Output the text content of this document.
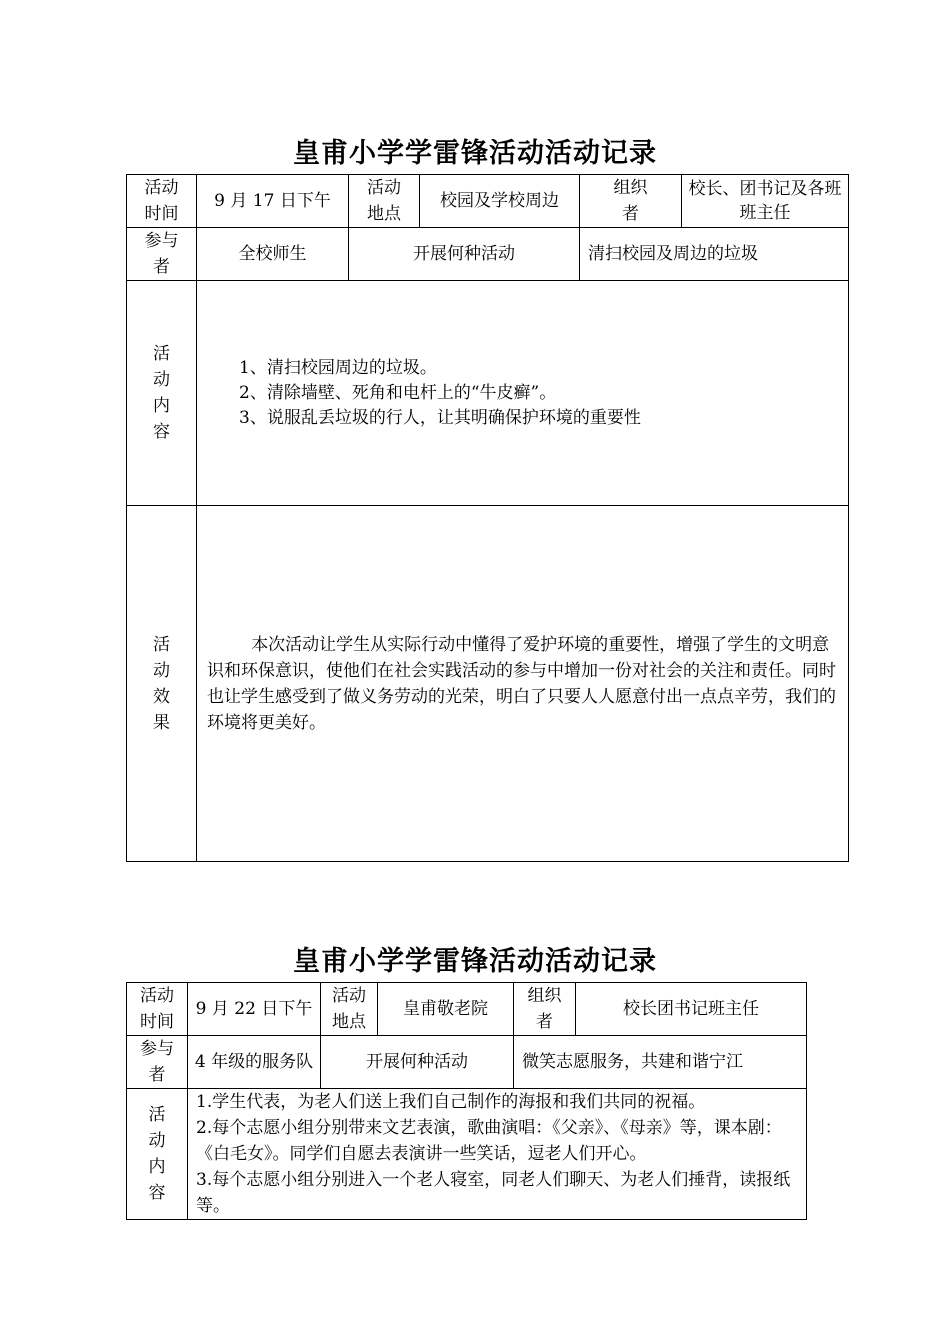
皇甫小学学雷锋活动活动记录
活动时间	9 月 17 日下午	活动地点	校园及学校周边	组织者	校长、团书记及各班班主任
参与者	全校师生	开展何种活动		清扫校园及周边的垃圾	
活动内容	1、清扫校园周边的垃圾。
2、清除墙壁、死角和电杆上的“牛皮癣”。
3、说服乱丢垃圾的行人，让其明确保护环境的重要性				

活动效果	本次活动让学生从实际行动中懂得了爱护环境的重要性，增强了学生的文明意识和环保意识，使他们在社会实践活动的参与中增加一份对社会的关注和责任。同时也让学生感受到了做义务劳动的光荣，明白了只要人人愿意付出一点点辛劳，我们的环境将更美好。				
皇甫小学学雷锋活动活动记录
活动时间	9 月 22 日下午	活动地点	皇甫敬老院	组织者	校长团书记班主任
参与者	4 年级的服务队	开展何种活动		微笑志愿服务，共建和谐宁江	
活动内容	1.学生代表，为老人们送上我们自己制作的海报和我们共同的祝福。
2.每个志愿小组分别带来文艺表演，歌曲演唱：《父亲》、《母亲》等，课本剧：《白毛女》。同学们自愿去表演讲一些笑话，逗老人们开心。
3.每个志愿小组分别进入一个老人寝室，同老人们聊天、为老人们捶背，读报纸等。				
